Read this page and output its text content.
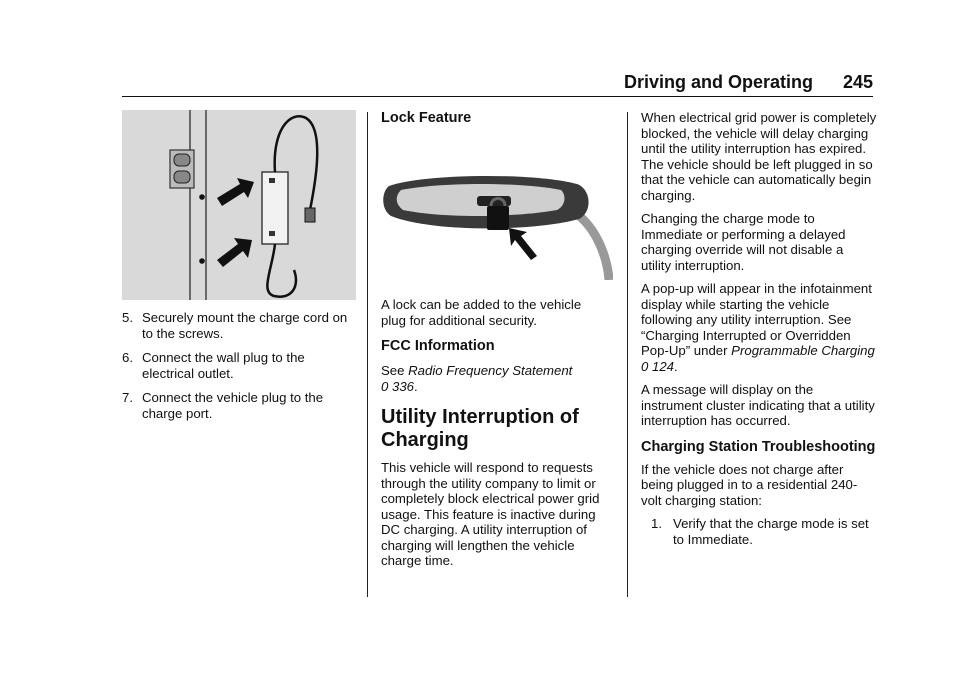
Driving and Operating 245
5. Securely mount the charge cord on to the screws.
6. Connect the wall plug to the electrical outlet.
7. Connect the vehicle plug to the charge port.
Lock Feature

A lock can be added to the vehicle plug for additional security.

FCC Information

See Radio Frequency Statement
0 336.

Utility Interruption of Charging

This vehicle will respond to requests through the utility company to limit or completely block electrical power grid usage. This feature is inactive during DC charging. A utility interruption of charging will lengthen the vehicle charge time.

When electrical grid power is completely blocked, the vehicle will delay charging until the utility interruption has expired. The vehicle should be left plugged in so that the vehicle can automatically begin charging.

Changing the charge mode to Immediate or performing a delayed charging override will not disable a utility interruption.

A pop-up will appear in the infotainment display while starting the vehicle following any utility interruption. See “Charging Interrupted or Overridden Pop-Up” under Programmable Charging
0 124.

A message will display on the instrument cluster indicating that a utility interruption has occurred.

Charging Station Troubleshooting

If the vehicle does not charge after being plugged in to a residential 240-volt charging station:

1. Verify that the charge mode is set to Immediate.
